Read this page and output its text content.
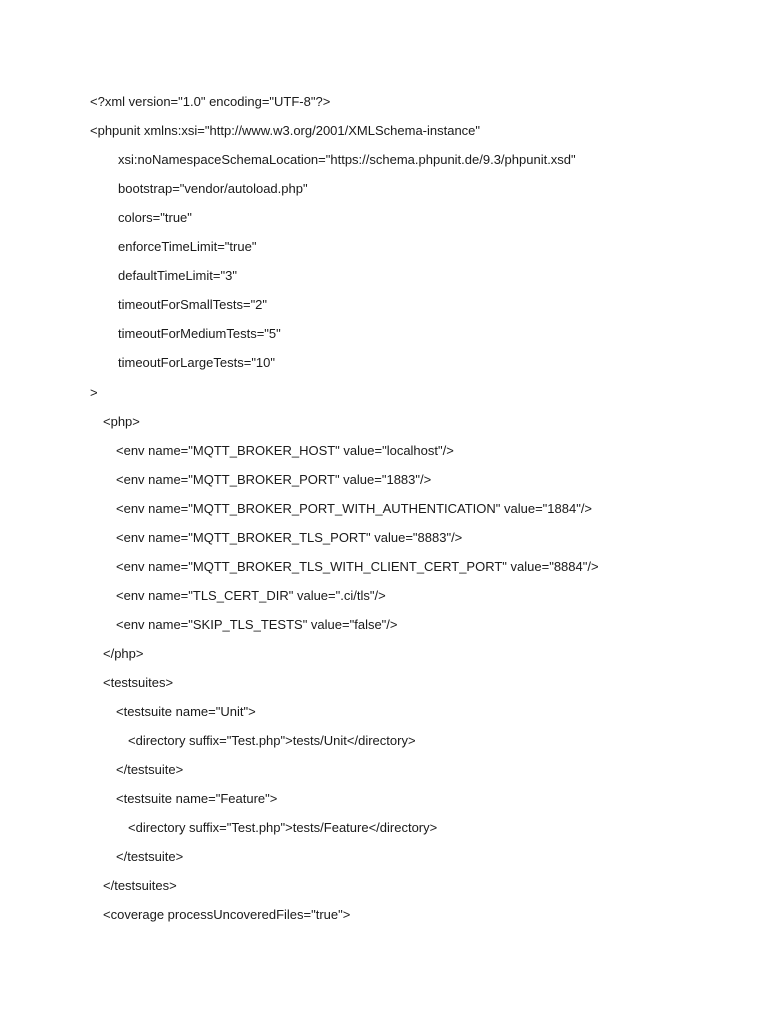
<?xml version="1.0" encoding="UTF-8"?>
<phpunit xmlns:xsi="http://www.w3.org/2001/XMLSchema-instance"
xsi:noNamespaceSchemaLocation="https://schema.phpunit.de/9.3/phpunit.xsd"
bootstrap="vendor/autoload.php"
colors="true"
enforceTimeLimit="true"
defaultTimeLimit="3"
timeoutForSmallTests="2"
timeoutForMediumTests="5"
timeoutForLargeTests="10"
>
<php>
<env name="MQTT_BROKER_HOST" value="localhost"/>
<env name="MQTT_BROKER_PORT" value="1883"/>
<env name="MQTT_BROKER_PORT_WITH_AUTHENTICATION" value="1884"/>
<env name="MQTT_BROKER_TLS_PORT" value="8883"/>
<env name="MQTT_BROKER_TLS_WITH_CLIENT_CERT_PORT" value="8884"/>
<env name="TLS_CERT_DIR" value=".ci/tls"/>
<env name="SKIP_TLS_TESTS" value="false"/>
</php>
<testsuites>
<testsuite name="Unit">
<directory suffix="Test.php">tests/Unit</directory>
</testsuite>
<testsuite name="Feature">
<directory suffix="Test.php">tests/Feature</directory>
</testsuite>
</testsuites>
<coverage processUncoveredFiles="true">
